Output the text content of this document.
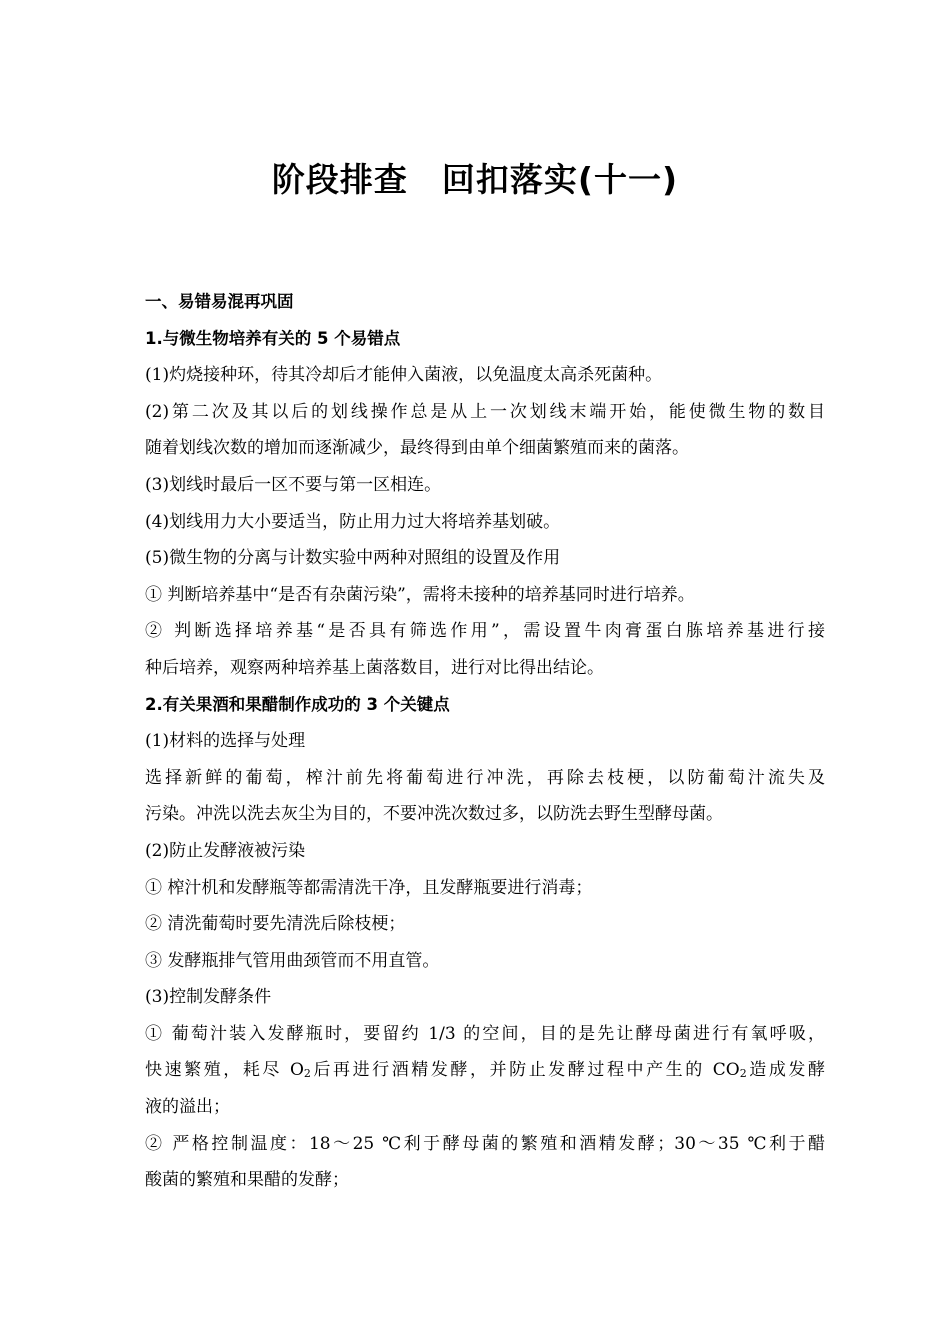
阶段排查 回扣落实(十一)
一、易错易混再巩固
1.与微生物培养有关的 5 个易错点
(1)灼烧接种环，待其冷却后才能伸入菌液，以免温度太高杀死菌种。
(2)第二次及其以后的划线操作总是从上一次划线末端开始，能使微生物的数目
随着划线次数的增加而逐渐减少，最终得到由单个细菌繁殖而来的菌落。
(3)划线时最后一区不要与第一区相连。
(4)划线用力大小要适当，防止用力过大将培养基划破。
(5)微生物的分离与计数实验中两种对照组的设置及作用
① 判断培养基中“是否有杂菌污染”，需将未接种的培养基同时进行培养。
② 判断选择培养基“是否具有筛选作用”，需设置牛肉膏蛋白胨培养基进行接
种后培养，观察两种培养基上菌落数目，进行对比得出结论。
2.有关果酒和果醋制作成功的 3 个关键点
(1)材料的选择与处理
选择新鲜的葡萄，榨汁前先将葡萄进行冲洗，再除去枝梗，以防葡萄汁流失及
污染。冲洗以洗去灰尘为目的，不要冲洗次数过多，以防洗去野生型酵母菌。
(2)防止发酵液被污染
① 榨汁机和发酵瓶等都需清洗干净，且发酵瓶要进行消毒；
② 清洗葡萄时要先清洗后除枝梗；
③ 发酵瓶排气管用曲颈管而不用直管。
(3)控制发酵条件
① 葡萄汁装入发酵瓶时，要留约 1/3 的空间，目的是先让酵母菌进行有氧呼吸，
快速繁殖，耗尽 $O_2$后再进行酒精发酵，并防止发酵过程中产生的 $CO_2$造成发酵
液的溢出；
② 严格控制温度：18～25 ℃利于酵母菌的繁殖和酒精发酵；30～35 ℃利于醋
酸菌的繁殖和果醋的发酵；
